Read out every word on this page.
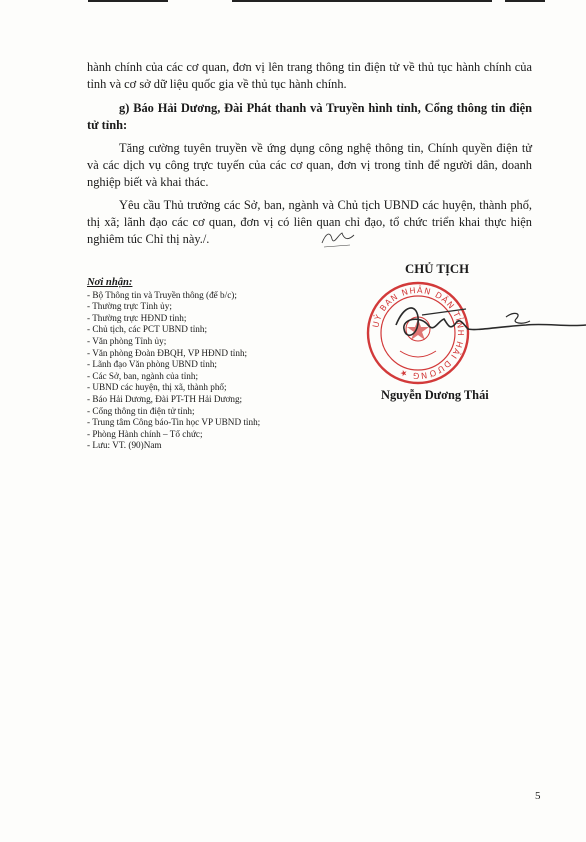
hành chính của các cơ quan, đơn vị lên trang thông tin điện tử về thủ tục hành chính của tỉnh và cơ sở dữ liệu quốc gia về thủ tục hành chính.

g) Báo Hải Dương, Đài Phát thanh và Truyền hình tỉnh, Cổng thông tin điện tử tỉnh:

Tăng cường tuyên truyền về ứng dụng công nghệ thông tin, Chính quyền điện tử và các dịch vụ công trực tuyến của các cơ quan, đơn vị trong tỉnh để người dân, doanh nghiệp biết và khai thác.

Yêu cầu Thủ trưởng các Sở, ban, ngành và Chủ tịch UBND các huyện, thành phố, thị xã; lãnh đạo các cơ quan, đơn vị có liên quan chỉ đạo, tổ chức triển khai thực hiện nghiêm túc Chỉ thị này./.

CHỦ TỊCH
UỶ BAN NHÂN DÂN TỈNH HẢI DƯƠNG ★
Nguyễn Dương Thái
Nơi nhận:
- Bộ Thông tin và Truyền thông (để b/c);
- Thường trực Tỉnh ủy;
- Thường trực HĐND tỉnh;
- Chủ tịch, các PCT UBND tỉnh;
- Văn phòng Tỉnh ủy;
- Văn phòng Đoàn ĐBQH, VP HĐND tỉnh;
- Lãnh đạo Văn phòng UBND tỉnh;
- Các Sở, ban, ngành của tỉnh;
- UBND các huyện, thị xã, thành phố;
- Báo Hải Dương, Đài PT-TH Hải Dương;
- Cổng thông tin điện tử tỉnh;
- Trung tâm Công báo-Tin học VP UBND tỉnh;
- Phòng Hành chính – Tổ chức;
- Lưu: VT. (90)Nam
5
